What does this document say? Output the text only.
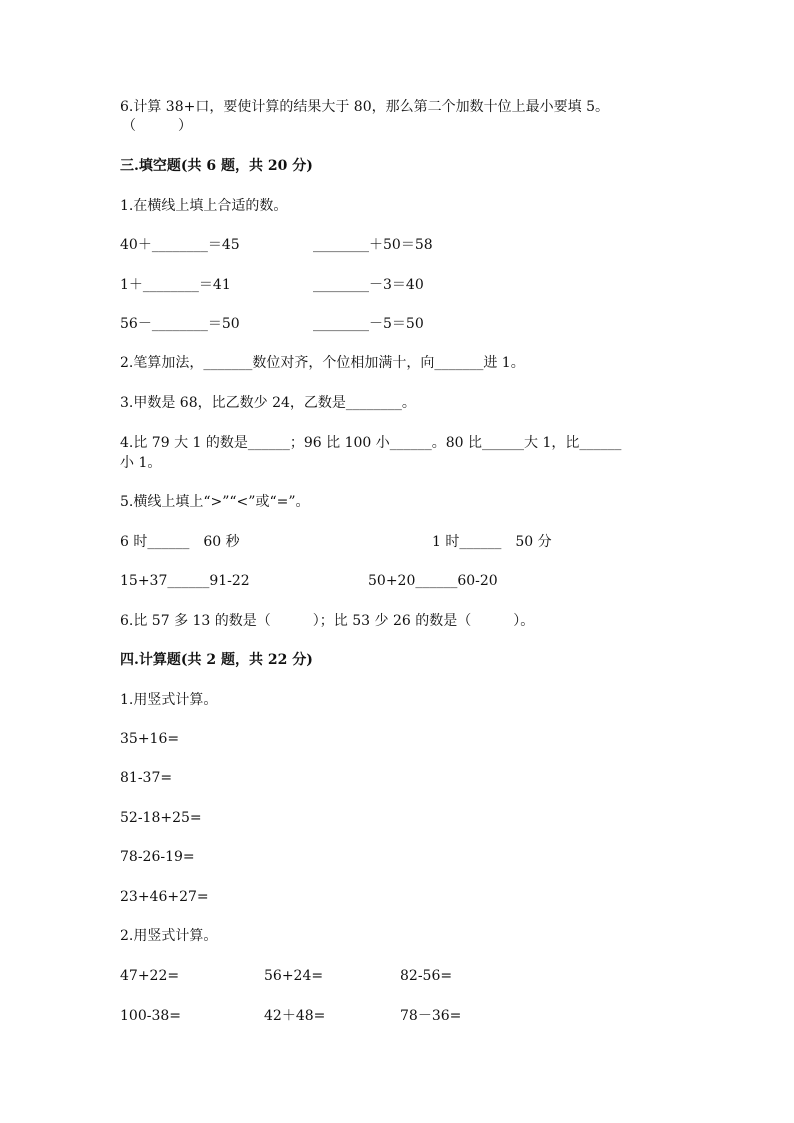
6.计算 38+口，要使计算的结果大于 80，那么第二个加数十位上最小要填 5。
（　　　）
三.填空题(共 6 题，共 20 分)
1.在横线上填上合适的数。
40＋________＝45	________＋50＝58
1＋________＝41	________－3＝40
56－________＝50	________－5＝50
2.笔算加法，_______数位对齐，个位相加满十，向_______进 1。
3.甲数是 68，比乙数少 24，乙数是________。
4.比 79 大 1 的数是______；96 比 100 小______。80 比______大 1，比______
小 1。
5.横线上填上“>”“<”或“=”。
6 时______　60 秒	1 时______　50 分
15+37______91-22	50+20______60-20
6.比 57 多 13 的数是（　　　）；比 53 少 26 的数是（　　　）。
四.计算题(共 2 题，共 22 分)
1.用竖式计算。
35+16=
81-37=
52-18+25=
78-26-19=
23+46+27=
2.用竖式计算。
47+22=	56+24=	82-56=
100-38=	42＋48=	78－36=
